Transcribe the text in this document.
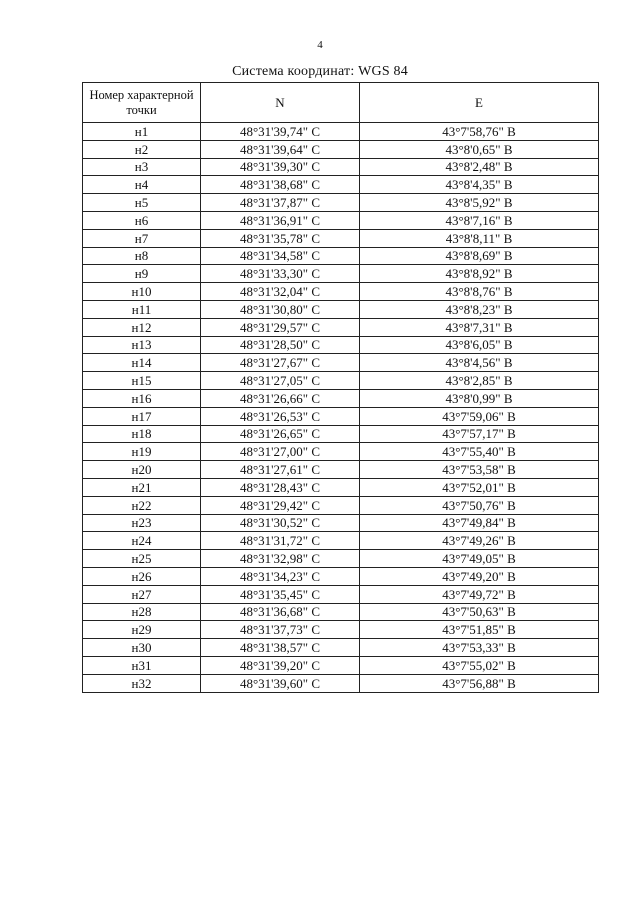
4
Система координат: WGS 84
Номер характерной точки	N	E
н1	48°31'39,74" С	43°7'58,76" В
н2	48°31'39,64" С	43°8'0,65" В
н3	48°31'39,30" С	43°8'2,48" В
н4	48°31'38,68" С	43°8'4,35" В
н5	48°31'37,87" С	43°8'5,92" В
н6	48°31'36,91" С	43°8'7,16" В
н7	48°31'35,78" С	43°8'8,11" В
н8	48°31'34,58" С	43°8'8,69" В
н9	48°31'33,30" С	43°8'8,92" В
н10	48°31'32,04" С	43°8'8,76" В
н11	48°31'30,80" С	43°8'8,23" В
н12	48°31'29,57" С	43°8'7,31" В
н13	48°31'28,50" С	43°8'6,05" В
н14	48°31'27,67" С	43°8'4,56" В
н15	48°31'27,05" С	43°8'2,85" В
н16	48°31'26,66" С	43°8'0,99" В
н17	48°31'26,53" С	43°7'59,06" В
н18	48°31'26,65" С	43°7'57,17" В
н19	48°31'27,00" С	43°7'55,40" В
н20	48°31'27,61" С	43°7'53,58" В
н21	48°31'28,43" С	43°7'52,01" В
н22	48°31'29,42" С	43°7'50,76" В
н23	48°31'30,52" С	43°7'49,84" В
н24	48°31'31,72" С	43°7'49,26" В
н25	48°31'32,98" С	43°7'49,05" В
н26	48°31'34,23" С	43°7'49,20" В
н27	48°31'35,45" С	43°7'49,72" В
н28	48°31'36,68" С	43°7'50,63" В
н29	48°31'37,73" С	43°7'51,85" В
н30	48°31'38,57" С	43°7'53,33" В
н31	48°31'39,20" С	43°7'55,02" В
н32	48°31'39,60" С	43°7'56,88" В
